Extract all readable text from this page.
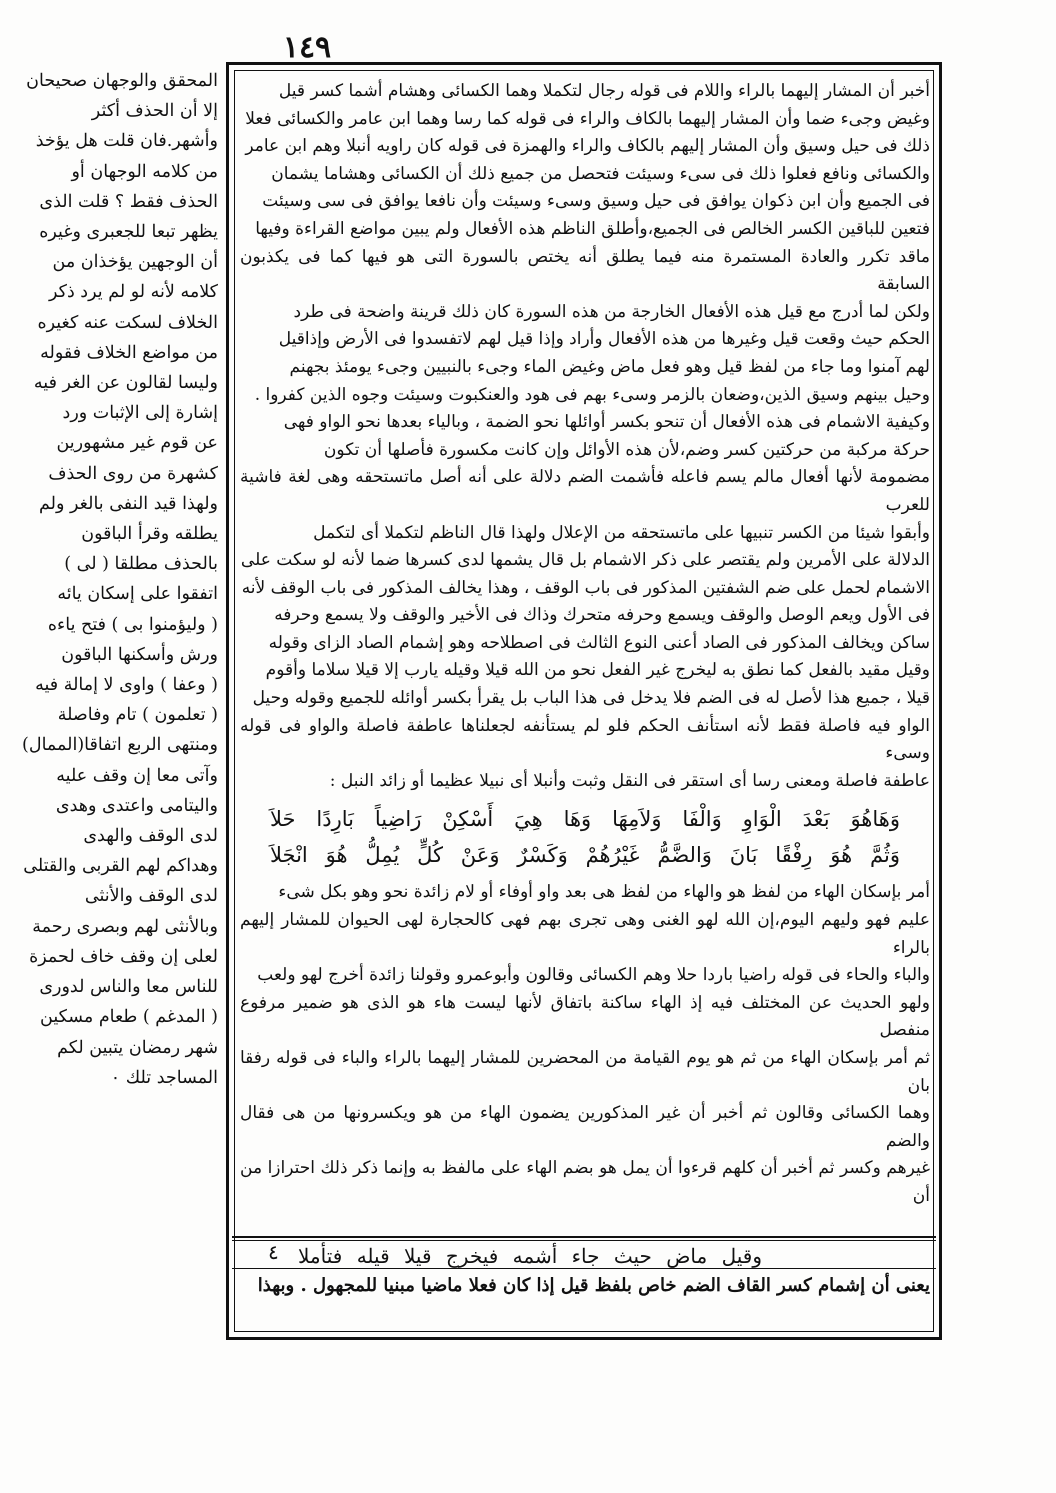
١٤٩

أخبر أن المشار إليهما بالراء واللام فى قوله رجال لتكملا وهما الكسائى وهشام أشما كسر قيل

وغيض وجىء ضما وأن المشار إليهما بالكاف والراء فى قوله كما رسا وهما ابن عامر والكسائى فعلا

ذلك فى حيل وسيق وأن المشار إليهم بالكاف والراء والهمزة فى قوله كان راويه أنبلا وهم ابن عامر

والكسائى ونافع فعلوا ذلك فى سىء وسيئت فتحصل من جميع ذلك أن الكسائى وهشاما يشمان

فى الجميع وأن ابن ذكوان يوافق فى حيل وسيق وسىء وسيئت وأن نافعا يوافق فى سى وسيئت

فتعين للباقين الكسر الخالص فى الجميع،وأطلق الناظم هذه الأفعال ولم يبين مواضع القراءة وفيها

ماقد تكرر والعادة المستمرة منه فيما يطلق أنه يختص بالسورة التى هو فيها كما فى يكذبون السابقة

ولكن لما أدرج مع قيل هذه الأفعال الخارجة من هذه السورة كان ذلك قرينة واضحة فى طرد

الحكم حيث وقعت قيل وغيرها من هذه الأفعال وأراد وإذا قيل لهم لاتفسدوا فى الأرض وإذاقيل

لهم آمنوا وما جاء من لفظ قيل وهو فعل ماض وغيض الماء وجىء بالنبيين وجىء يومئذ بجهنم

وحيل بينهم وسيق الذين،وضعان بالزمر وسىء بهم فى هود والعنكبوت وسيئت وجوه الذين كفروا .

وكيفية الاشمام فى هذه الأفعال أن تنحو بكسر أوائلها نحو الضمة ، وبالياء بعدها نحو الواو فهى

حركة مركبة من حركتين كسر وضم،لأن هذه الأوائل وإن كانت مكسورة فأصلها أن تكون

مضمومة لأنها أفعال مالم يسم فاعله فأشمت الضم دلالة على أنه أصل ماتستحقه وهى لغة فاشية للعرب

وأبقوا شيئا من الكسر تنبيها على ماتستحقه من الإعلال ولهذا قال الناظم لتكملا أى لتكمل

الدلالة على الأمرين ولم يقتصر على ذكر الاشمام بل قال يشمها لدى كسرها ضما لأنه لو سكت على

الاشمام لحمل على ضم الشفتين المذكور فى باب الوقف ، وهذا يخالف المذكور فى باب الوقف لأنه

فى الأول ويعم الوصل والوقف ويسمع وحرفه متحرك وذاك فى الأخير والوقف ولا يسمع وحرفه

ساكن ويخالف المذكور فى الصاد أعنى النوع الثالث فى اصطلاحه وهو إشمام الصاد الزاى وقوله

وقيل مقيد بالفعل كما نطق به ليخرج غير الفعل نحو من الله قيلا وقيله يارب إلا قيلا سلاما وأقوم

قيلا ، جميع هذا لأصل له فى الضم فلا يدخل فى هذا الباب بل يقرأ بكسر أوائله للجميع وقوله وحيل

الواو فيه فاصلة فقط لأنه استأنف الحكم فلو لم يستأنفه لجعلناها عاطفة فاصلة والواو فى قوله وسىء

عاطفة فاصلة ومعنى رسا أى استقر فى النقل وثبت وأنبلا أى نبيلا عظيما أو زائد النبل :

وَهَاهُوَ بَعْدَ الْوَاوِ وَالْفَا وَلاَمِهَا وَهَا هِيَ أَسْكِنْ رَاضِياً بَارِدًا حَلاَ
وَثُمَّ هُوَ رِفْقًا بَانَ وَالضَّمُّ غَيْرُهُمْ وَكَسْرٌ وَعَنْ كُلٍّ يُمِلُّ هُوَ انْجَلاَ

أمر بإسكان الهاء من لفظ هو والهاء من لفظ هى بعد واو أوفاء أو لام زائدة نحو وهو بكل شىء

عليم فهو وليهم اليوم،إن الله لهو الغنى وهى تجرى بهم فهى كالحجارة لهى الحيوان للمشار إليهم بالراء

والباء والحاء فى قوله راضيا باردا حلا وهم الكسائى وقالون وأبوعمرو وقولنا زائدة أخرج لهو ولعب

ولهو الحديث عن المختلف فيه إذ الهاء ساكنة باتفاق لأنها ليست هاء هو الذى هو ضمير مرفوع منفصل

ثم أمر بإسكان الهاء من ثم هو يوم القيامة من المحضرين للمشار إليهما بالراء والباء فى قوله رفقا بان

وهما الكسائى وقالون ثم أخبر أن غير المذكورين يضمون الهاء من هو ويكسرونها من هى فقال والضم

غيرهم وكسر ثم أخبر أن كلهم قرءوا أن يمل هو بضم الهاء على مالفظ به وإنما ذكر ذلك احترازا من أن

٤ وقيل ماض حيث جاء أشمه فيخرج قيلا قيله فتأملا

يعنى أن إشمام كسر القاف الضم خاص بلفظ قيل إذا كان فعلا ماضيا مبنيا للمجهول . وبهذا

المحقق والوجهان صحيحان

إلا أن الحذف أكثر

وأشهر.فان قلت هل يؤخذ

من كلامه الوجهان أو

الحذف فقط ؟ قلت الذى

يظهر تبعا للجعبرى وغيره

أن الوجهين يؤخذان من

كلامه لأنه لو لم يرد ذكر

الخلاف لسكت عنه كغيره

من مواضع الخلاف فقوله

وليسا لقالون عن الغر فيه

إشارة إلى الإثبات ورد

عن قوم غير مشهورين

كشهرة من روى الحذف

ولهذا قيد النفى بالغر ولم

يطلقه وقرأ الباقون

بالحذف مطلقا ( لى )

اتفقوا على إسكان يائه

( وليؤمنوا بى ) فتح ياءه

ورش وأسكنها الباقون

( وعفا ) واوى لا إمالة فيه

( تعلمون ) تام وفاصلة

ومنتهى الربع اتفاقا(الممال)

وآتى معا إن وقف عليه

واليتامى واعتدى وهدى

لدى الوقف والهدى

وهداكم لهم القربى والقتلى

لدى الوقف والأنثى

وبالأنثى لهم وبصرى رحمة

لعلى إن وقف خاف لحمزة

للناس معا والناس لدورى

( المدغم ) طعام مسكين

شهر رمضان يتبين لكم

المساجد تلك ٠
